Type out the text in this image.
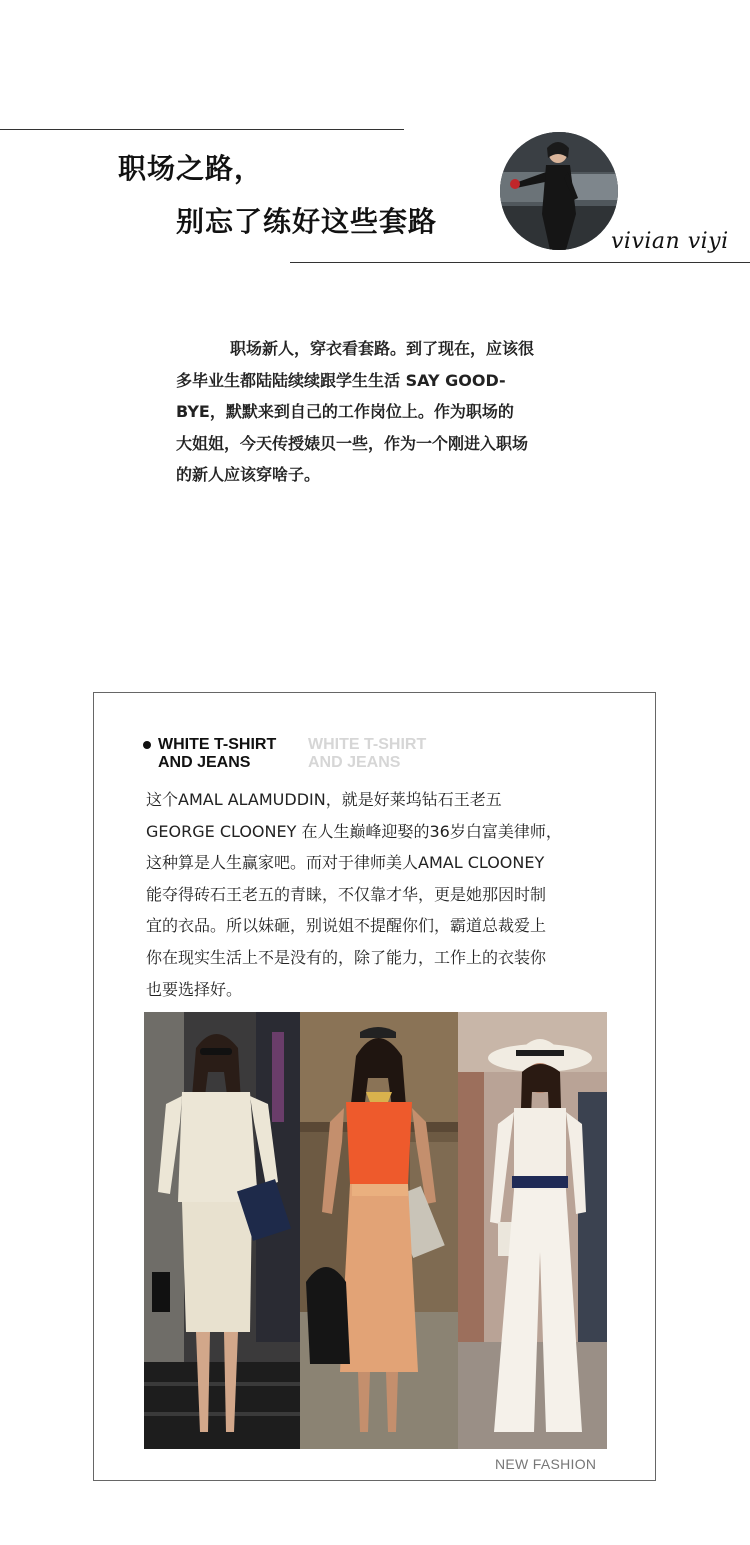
职场之路，
别忘了练好这些套路
vivian viyi
职场新人，穿衣看套路。到了现在，应该很
多毕业生都陆陆续续跟学生生活 SAY GOOD-
BYE，默默来到自己的工作岗位上。作为职场的
大姐姐，今天传授婊贝一些，作为一个刚进入职场
的新人应该穿啥子。
WHITE T-SHIRT
AND JEANS
WHITE T-SHIRT
AND JEANS
这个AMAL ALAMUDDIN，就是好莱坞钻石王老五
GEORGE CLOONEY 在人生巅峰迎娶的36岁白富美律师，
这种算是人生赢家吧。而对于律师美人AMAL CLOONEY
能夺得砖石王老五的青睐，不仅靠才华，更是她那因时制
宜的衣品。所以妹砸，别说姐不提醒你们，霸道总裁爱上
你在现实生活上不是没有的，除了能力，工作上的衣装你
也要选择好。
NEW FASHION
